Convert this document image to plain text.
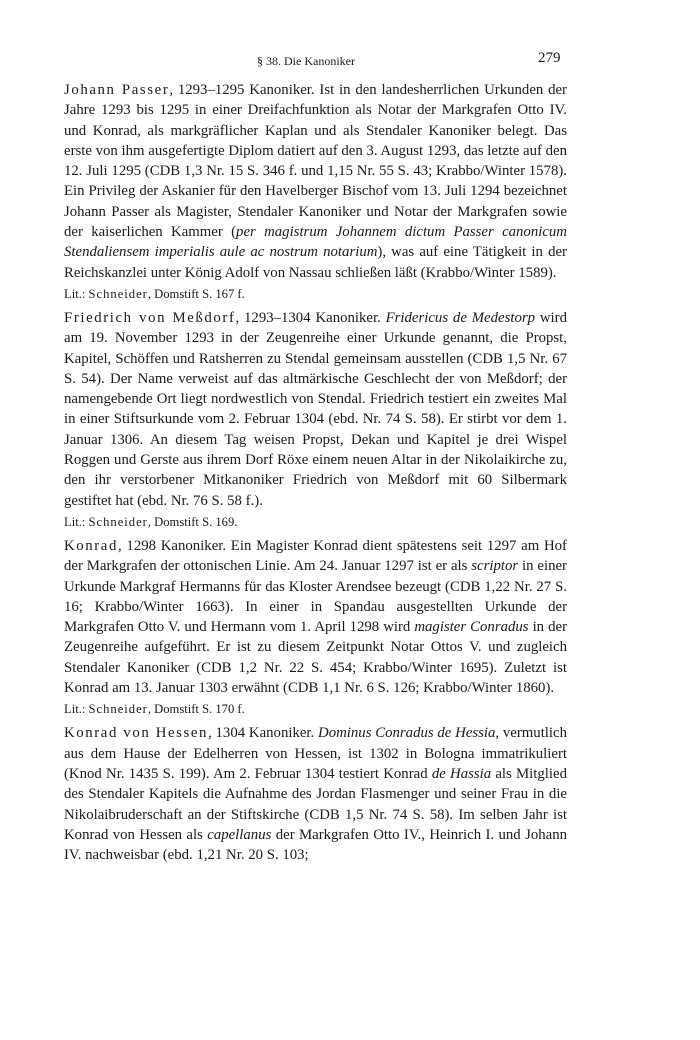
§ 38. Die Kanoniker	279

Johann Passer, 1293–1295 Kanoniker. Ist in den landesherrlichen Urkunden der Jahre 1293 bis 1295 in einer Dreifachfunktion als Notar der Markgrafen Otto IV. und Konrad, als markgräflicher Kaplan und als Stendaler Kanoniker belegt. Das erste von ihm ausgefertigte Diplom datiert auf den 3. August 1293, das letzte auf den 12. Juli 1295 (CDB 1,3 Nr. 15 S. 346 f. und 1,15 Nr. 55 S. 43; Krabbo/Winter 1578). Ein Privileg der Askanier für den Havelberger Bischof vom 13. Juli 1294 bezeichnet Johann Passer als Magister, Stendaler Kanoniker und Notar der Markgrafen sowie der kaiserlichen Kammer (per magistrum Johannem dictum Passer canonicum Stendaliensem imperialis aule ac nostrum notarium), was auf eine Tätigkeit in der Reichskanzlei unter König Adolf von Nassau schließen läßt (Krabbo/Winter 1589).

Lit.: Schneider, Domstift S. 167 f.

Friedrich von Meßdorf, 1293–1304 Kanoniker. Fridericus de Medestorp wird am 19. November 1293 in der Zeugenreihe einer Urkunde genannt, die Propst, Kapitel, Schöffen und Ratsherren zu Stendal gemeinsam ausstellen (CDB 1,5 Nr. 67 S. 54). Der Name verweist auf das altmärkische Geschlecht der von Meßdorf; der namengebende Ort liegt nordwestlich von Stendal. Friedrich testiert ein zweites Mal in einer Stiftsurkunde vom 2. Februar 1304 (ebd. Nr. 74 S. 58). Er stirbt vor dem 1. Januar 1306. An diesem Tag weisen Propst, Dekan und Kapitel je drei Wispel Roggen und Gerste aus ihrem Dorf Röxe einem neuen Altar in der Nikolaikirche zu, den ihr verstorbener Mitkanoniker Friedrich von Meßdorf mit 60 Silbermark gestiftet hat (ebd. Nr. 76 S. 58 f.).

Lit.: Schneider, Domstift S. 169.

Konrad, 1298 Kanoniker. Ein Magister Konrad dient spätestens seit 1297 am Hof der Markgrafen der ottonischen Linie. Am 24. Januar 1297 ist er als scriptor in einer Urkunde Markgraf Hermanns für das Kloster Arendsee bezeugt (CDB 1,22 Nr. 27 S. 16; Krabbo/Winter 1663). In einer in Spandau ausgestellten Urkunde der Markgrafen Otto V. und Hermann vom 1. April 1298 wird magister Conradus in der Zeugenreihe aufgeführt. Er ist zu diesem Zeitpunkt Notar Ottos V. und zugleich Stendaler Kanoniker (CDB 1,2 Nr. 22 S. 454; Krabbo/Winter 1695). Zuletzt ist Konrad am 13. Januar 1303 erwähnt (CDB 1,1 Nr. 6 S. 126; Krabbo/Winter 1860).

Lit.: Schneider, Domstift S. 170 f.

Konrad von Hessen, 1304 Kanoniker. Dominus Conradus de Hessia, vermutlich aus dem Hause der Edelherren von Hessen, ist 1302 in Bologna immatrikuliert (Knod Nr. 1435 S. 199). Am 2. Februar 1304 testiert Konrad de Hassia als Mitglied des Stendaler Kapitels die Aufnahme des Jordan Flasmenger und seiner Frau in die Nikolaibruderschaft an der Stiftskirche (CDB 1,5 Nr. 74 S. 58). Im selben Jahr ist Konrad von Hessen als capellanus der Markgrafen Otto IV., Heinrich I. und Johann IV. nachweisbar (ebd. 1,21 Nr. 20 S. 103;
